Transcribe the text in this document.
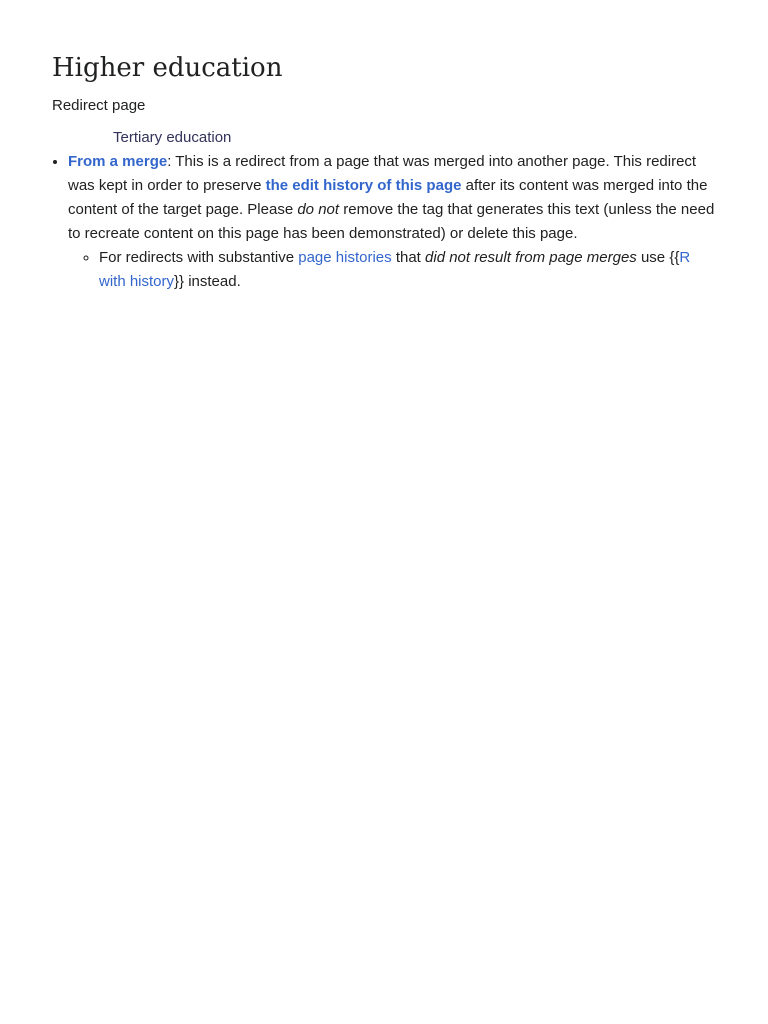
Higher education
Redirect page
Tertiary education
• From a merge: This is a redirect from a page that was merged into another page. This redirect was kept in order to preserve the edit history of this page after its content was merged into the content of the target page. Please do not remove the tag that generates this text (unless the need to recreate content on this page has been demonstrated) or delete this page.
◦ For redirects with substantive page histories that did not result from page merges use {{R with history}} instead.
